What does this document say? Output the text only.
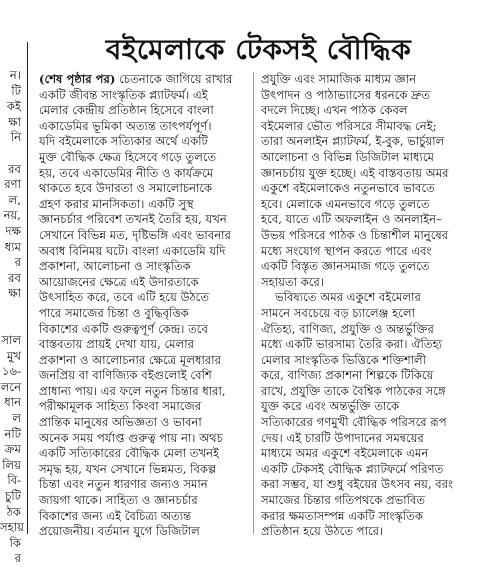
ন।
টি
কই
ক্ষা
নি

রব
রণা
ল,
নয়,
দক্ষ
ধ্যম
র
রব
ক্ষা

সাল
মুখ
১৬-
লনে
ধান
ল
নটি
ক্রম
লিয়
বি-
চুটি
ঠক
সহায়
কি
র
বইমেলাকে টেকসই বৌদ্ধিক
(শেষ পৃষ্ঠার পর) চেতনাকে জাগিয়ে রাখার
একটি জীবন্ত সাংস্কৃতিক প্ল্যাটফর্ম। এই
মেলার কেন্দ্রীয় প্রতিষ্ঠান হিসেবে বাংলা
একাডেমির ভূমিকা অত্যন্ত তাৎপর্যপূর্ণ।
যদি বইমেলাকে সত্যিকার অর্থে একটি
মুক্ত বৌদ্ধিক ক্ষেত্র হিসেবে গড়ে তুলতে
হয়, তবে একাডেমির নীতি ও কার্যক্রমে
থাকতে হবে উদারতা ও সমালোচনাকে
গ্রহণ করার মানসিকতা। একটি সুস্থ
জ্ঞানচর্চার পরিবেশ তখনই তৈরি হয়, যখন
সেখানে বিভিন্ন মত, দৃষ্টিভঙ্গি এবং ভাবনার
অবাধ বিনিময় ঘটে। বাংলা একাডেমি যদি
প্রকাশনা, আলোচনা ও সাংস্কৃতিক
আয়োজনের ক্ষেত্রে এই উদারতাকে
উৎসাহিত করে, তবে এটি হয়ে উঠতে
পারে সমাজের চিন্তা ও বুদ্ধিবৃত্তিক
বিকাশের একটি গুরুত্বপূর্ণ কেন্দ্র। তবে
বাস্তবতায় প্রায়ই দেখা যায়, মেলার
প্রকাশনা ও আলোচনার ক্ষেত্রে মূলধারার
জনপ্রিয় বা বাণিজ্যিক বইগুলোই বেশি
প্রাধান্য পায়। এর ফলে নতুন চিন্তার ধারা,
পরীক্ষামূলক সাহিত্য কিংবা সমাজের
প্রান্তিক মানুষের অভিজ্ঞতা ও ভাবনা
অনেক সময় পর্যাপ্ত গুরুত্ব পায় না। অথচ
একটি সত্যিকারের বৌদ্ধিক মেলা তখনই
সমৃদ্ধ হয়, যখন সেখানে ভিন্নমত, বিকল্প
চিন্তা এবং নতুন ধারণার জন্যও সমান
জায়গা থাকে। সাহিত্য ও জ্ঞানচর্চার
বিকাশের জন্য এই বৈচিত্র্য অত্যন্ত
প্রয়োজনীয়। বর্তমান যুগে ডিজিটাল
প্রযুক্তি এবং সামাজিক মাধ্যম জ্ঞান
উৎপাদন ও পাঠাভ্যাসের ধরনকে দ্রুত
বদলে দিচ্ছে। এখন পাঠক কেবল
বইমেলার ভৌত পরিসরে সীমাবদ্ধ নেই;
তারা অনলাইন প্ল্যাটফর্ম, ই-বুক, ভার্চুয়াল
আলোচনা ও বিভিন্ন ডিজিটাল মাধ্যমে
জ্ঞানচর্চায় যুক্ত হচ্ছে। এই বাস্তবতায় অমর
একুশে বইমেলাকেও নতুনভাবে ভাবতে
হবে। মেলাকে এমনভাবে গড়ে তুলতে
হবে, যাতে এটি অফলাইন ও অনলাইন–
উভয় পরিসরে পাঠক ও চিন্তাশীল মানুষের
মধ্যে সংযোগ স্থাপন করতে পারে এবং
একটি বিস্তৃত জ্ঞানসমাজ গড়ে তুলতে
সহায়তা করে।
ভবিষ্যতে অমর একুশে বইমেলার
সামনে সবচেয়ে বড় চ্যালেঞ্জ হলো
ঐতিহ্য, বাণিজ্য, প্রযুক্তি ও অন্তর্ভুক্তির
মধ্যে একটি ভারসাম্য তৈরি করা। ঐতিহ্য
মেলার সাংস্কৃতিক ভিত্তিকে শক্তিশালী
করে, বাণিজ্য প্রকাশনা শিল্পকে টিকিয়ে
রাখে, প্রযুক্তি তাকে বৈশ্বিক পাঠকের সঙ্গে
যুক্ত করে এবং অন্তর্ভুক্তি তাকে
সত্যিকারের গণমুখী বৌদ্ধিক পরিসরে রূপ
দেয়। এই চারটি উপাদানের সমন্বয়ের
মাধ্যমে অমর একুশে বইমেলাকে এমন
একটি টেকসই বৌদ্ধিক প্ল্যাটফর্মে পরিণত
করা সম্ভব, যা শুধু বইয়ের উৎসব নয়, বরং
সমাজের চিন্তার গতিপথকে প্রভাবিত
করার ক্ষমতাসম্পন্ন একটি সাংস্কৃতিক
প্রতিষ্ঠান হয়ে উঠতে পারে।
